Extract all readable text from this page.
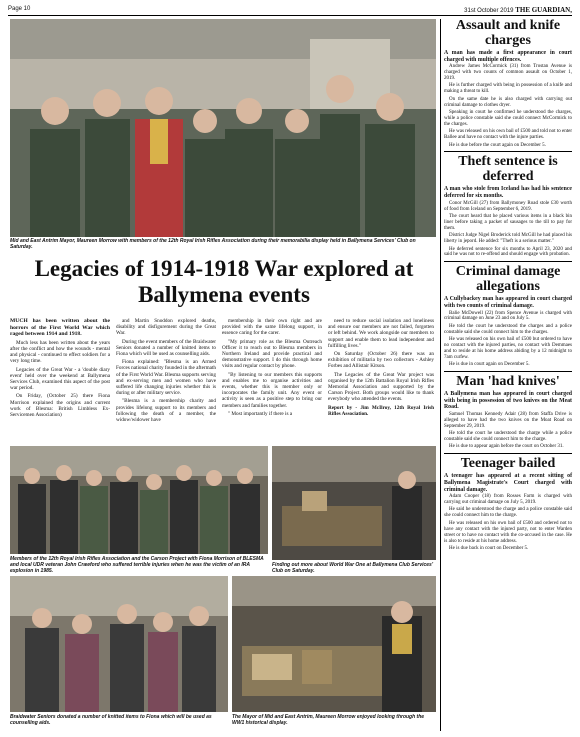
Page 10	31st October 2019 THE GUARDIAN,
Mid and East Antrim Mayor, Maureen Morrow with members of the 12th Royal Irish Rifles Association during their memorabilia display held in Ballymena Services' Club on Saturday.
Legacies of 1914-1918 War explored at Ballymena events

MUCH has been written about the horrors of the First World War which raged between 1914 and 1918.

Much less has been written about the years after the conflict and how the wounds - mental and physical - continued to effect soldiers for a very long time.

Legacies of the Great War - a 'double diary event' held over the weekend at Ballymena Services Club, examined this aspect of the post war period.

On Friday, (October 25) there Fiona Morrison explained the origins and current work of Blesma: British Limbless Ex-Servicemen Association)

and Martin Snoddon explored deaths, disability and disfigurement during the Great War.

During the event members of the Braidwater Seniors donated a number of knitted items to Fiona which will be used as counselling aids.

Fiona explained: "Blesma is an Armed Forces national charity founded in the aftermath of the First World War. Blesma supports serving and ex-serving men and women who have suffered life changing injuries whether this is during or after military service.

"Blesma is a membership charity and provides lifelong support to its members and following the death of a member, the widow/widower have

membership in their own right and are provided with the same lifelong support, in essence caring for the carer.

"My primary role as the Blesma Outreach Officer it to reach out to Blesma members in Northern Ireland and provide practical and demonstrative support. I do this through home visits and regular contact by phone.

"By listening to our members this supports and enables me to organise activities and events, whether this is member only or incorporates the family unit. Any event or activity is seen as a positive step to bring our members and families together.

" Most importantly if there is a

need to reduce social isolation and loneliness and ensure our members are not failed, forgotten or left behind. We work alongside our members to support and enable them to lead independent and fulfilling lives."

On Saturday (October 26) there was an exhibition of militaria by two collectors - Ashley Forbes and Allistair Kitson.

The Legacies of the Great War project was organised by the 12th Battalion Royal Irish Rifles Memorial Association and supported by the Carson Project. Both groups would like to thank everybody who attended the events.

Report by - Jim McIlroy, 12th Royal Irish Rifles Association.

Members of the 12th Royal Irish Rifles Association and the Carson Project with Fiona Morrison of BLESMA and local UDR veteran John Crawford who suffered terrible injuries when he was the victim of an IRA explosion in 1985.
Finding out more about World War One at Ballymena Club Services' Club on Saturday.
Braidwater Seniors donated a number of knitted items to Fiona which will be used as counselling aids.
The Mayor of Mid and East Antrim, Maureen Morrow enjoyed looking through the WW1 historical display.
Assault and knife charges
A man has made a first appearance in court charged with multiple offences.

Andrew James McCormick (31) from Trostan Avenue is charged with two counts of common assault on October 1, 2019.

He is further charged with being in possession of a knife and making a threat to kill.

On the same date he is also charged with carrying out criminal damage to clothes dryer.

Speaking in court he confirmed he understood the charges, while a police constable said she could connect McCormick to the charges.

He was released on his own bail of £500 and told not to enter Ballee and have no contact with the injure parties.

He is due before the court again on December 5.

Theft sentence is deferred
A man who stole from Iceland has had his sentence deferred for six months.

Conor McGill (27) from Ballymoney Road stole £30 worth of food from Iceland on September 6, 2019.

The court heard that he placed various items in a black bin liner before taking a packet of sausages to the till to pay for them.

District Judge Nigel Broderick told McGill he had placed his liberty in jepord. He added: "Theft is a serious matter."

He deferred sentence for six months to April 23, 2020 and said he was not to re-offend and should engage with probation.

Criminal damage allegations
A Cullybackey man has appeared in court charged with two counts of criminal damage.

Balie McDowell (22) from Spence Avenue is charged with criminal damage on June 23 and on July 5.

He told the court he understood the charges and a police constable said she could connect him to the charges.

He was released on his own bail of £500 but ordered to have no contact with the injured parties, no contact with Demmaes and to reside at his home address abiding by a 12 midnight to 7am curfew.

He is due in court again on December 5.

Man 'had knives'
A Ballymena man has appeared in court charged with being in possession of two knives on the Meat Road.

Samuel Thomas Kennedy Adair (28) from Staffa Drive is alleged to have had the two knives on the Moat Road on September 29, 2019.

He told the court he understood the charge while a police constable said she could connect him to the charge.

He is due to appear again before the court on October 31.

Teenager bailed
A teenager has appeared at a recent sitting of Ballymena Magistrate's Court charged with criminal damage.

Adam Cooper (18) from Rosses Farm is charged with carrying out criminal damage on July 5, 2019.

He said he understood the charge and a police constable said she could connect him to the charge.

He was released on his own bail of £500 and ordered not to have any contact with the injured party, not to enter Warden street or to have no contact with the co-accused in the case. He is also to reside at his home address.

He is due back in court on December 5.
